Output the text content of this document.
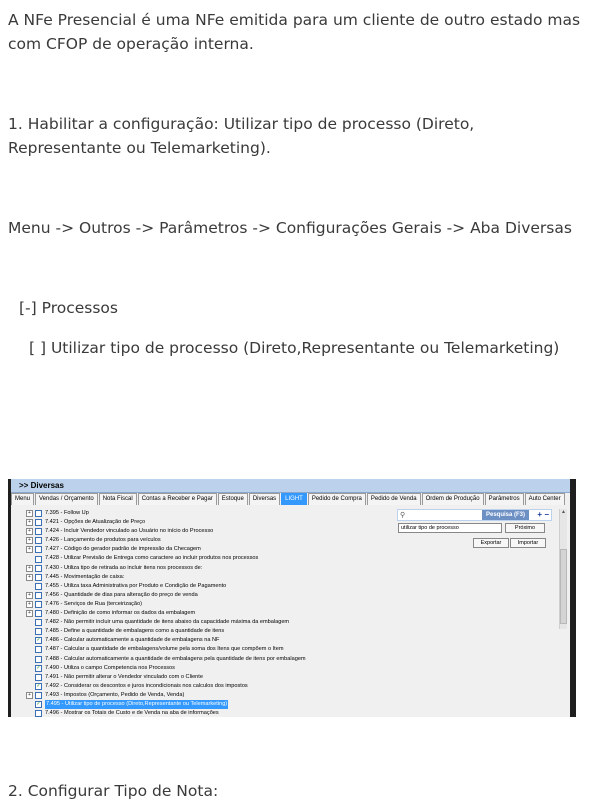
A NFe Presencial é uma NFe emitida para um cliente de outro estado mas com CFOP de operação interna.

1. Habilitar a configuração: Utilizar tipo de processo (Direto, Representante ou Telemarketing).

Menu -> Outros -> Parâmetros -> Configurações Gerais -> Aba Diversas

[-] Processos

[ ] Utilizar tipo de processo (Direto,Representante ou Telemarketing)

>> Diversas
Menu	Vendas / Orçamento	Nota Fiscal	Contas a Receber e Pagar	Estoque	Diversas	LIGHT	Pedido de Compra	Pedido de Venda	Ordem de Produção	Parâmetros	Auto Center
+	7.395 - Follow Up
+	7.421 - Opções de Atualização de Preço
+	7.424 - Incluir Vendedor vinculado ao Usuário no início do Processo
+	7.426 - Lançamento de produtos para veículos
+	7.427 - Código do gerador padrão de impressão da Checagem
7.428 - Utilizar Previsão de Entrega como caractere ao incluir produtos nos processos
+	7.430 - Utiliza tipo de retirada ao incluir itens nos processos de:
+	7.445 - Movimentação de caixa:
7.455 - Utiliza taxa Administrativa por Produto e Condição de Pagamento
+	7.456 - Quantidade de dias para alteração do preço de venda
+	7.476 - Serviços de Rua (terceirização)
+	7.480 - Definição de como informar os dados da embalagem
7.482 - Não permitir incluir uma quantidade de itens abaixo da capacidade máxima da embalagem
7.485 - Define a quantidade de embalagens como a quantidade de itens
✓ 7.486 - Calcular automaticamente a quantidade de embalagens na NF
7.487 - Calcular a quantidade de embalagens/volume pela soma dos Itens que compõem o Item
7.488 - Calcular automaticamente a quantidade de embalagens pela quantidade de itens por embalagem
✓ 7.490 - Utiliza o campo Competencia nos Processos
7.491 - Não permitir alterar o Vendedor vinculado com o Cliente
✓ 7.492 - Considerar os descontos e juros incondicionais nos calculos dos impostos
+	7.493 - Impostos (Orçamento, Pedido de Venda, Venda)
✓ 7.495 - Utilizar tipo de processo (Direto,Representante ou Telemarketing)
7.496 - Mostrar os Totais de Custo e de Venda na aba de informações
⚲	Pesquisa (F3)	+ −
utilizar tipo de processo	Próximo
Exportar	Importar
▲

2. Configurar Tipo de Nota:
